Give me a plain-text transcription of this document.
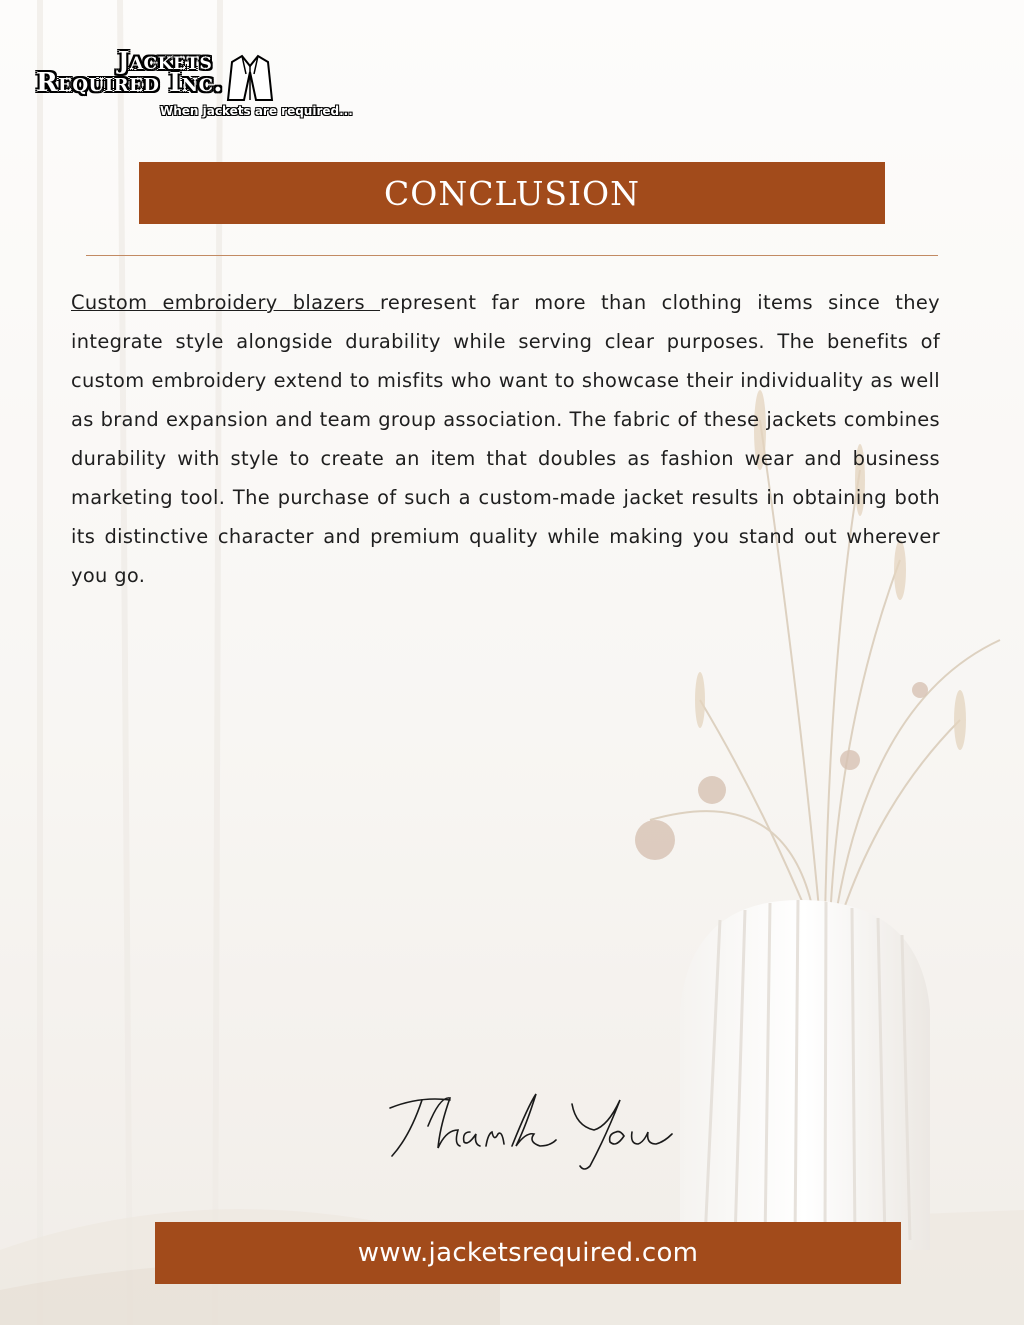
Jackets
Required Inc.
When jackets are required...
CONCLUSION

Custom embroidery blazers represent far more than clothing items since they integrate style alongside durability while serving clear purposes. The benefits of custom embroidery extend to misfits who want to showcase their individuality as well as brand expansion and team group association. The fabric of these jackets combines durability with style to create an item that doubles as fashion wear and business marketing tool. The purchase of such a custom-made jacket results in obtaining both its distinctive character and premium quality while making you stand out wherever you go.

www.jacketsrequired.com
